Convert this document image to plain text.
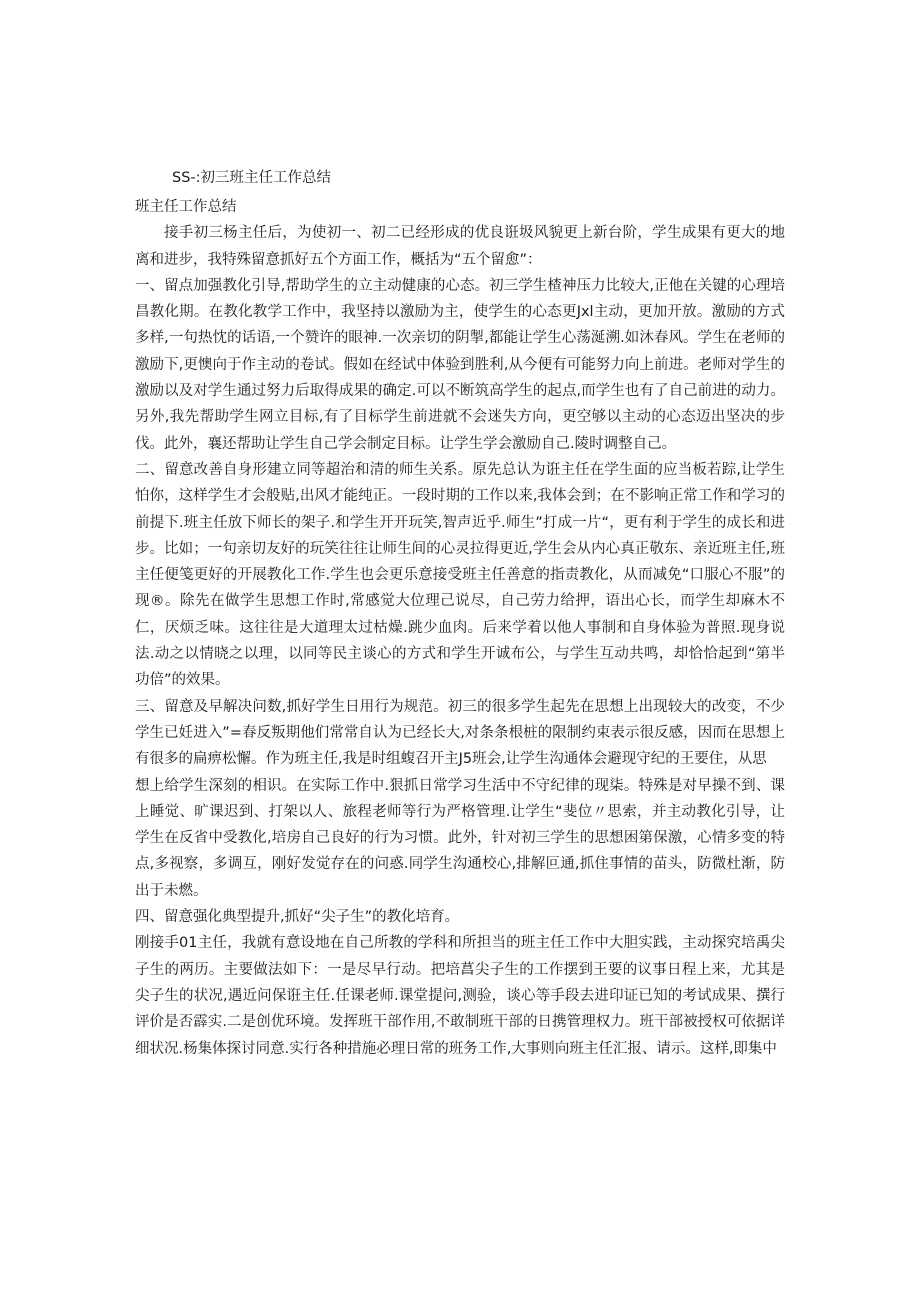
SS-:初三班主任工作总结

班主任工作总结

接手初三杨主任后，为使初一、初二已经形成的优良诳圾风貌更上新台阶，学生成果有更大的地离和进步，我特殊留意抓好五个方面工作，概括为“五个留愈”：

一、留点加强教化引导,帮助学生的立主动健康的心态。初三学生楂神压力比较大,正他在关键的心理培昌教化期。在教化教学工作中，我坚持以激励为主，使学生的心态更Jxl主动，更加开放。激励的方式多样,一句热忱的话语,一个赞许的眼神.一次亲切的阴掣,都能让学生心荡涎溯.如沐春风。学生在老师的激励下,更懊向于作主动的卷试。假如在经试中体验到胜利,从今便有可能努力向上前进。老师对学生的激励以及对学生通过努力后取得成果的确定.可以不断筑高学生的起点,而学生也有了自己前进的动力。另外,我先帮助学生网立目标,有了目标学生前进就不会迷失方向，更空够以主动的心态迈出坚决的步伐。此外，襄还帮助让学生自己学会制定目标。让学生学会激励自己.陵时调整自己。

二、留意改善自身形建立同等超治和清的师生关系。原先总认为诳主任在学生面的应当板若踪,让学生怕你，这样学生才会般贴,出风才能纯正。一段时期的工作以来,我体会到；在不影响正常工作和学习的前提下.班主任放下师长的架子.和学生开开玩笑,智声近乎.师生”打成一片“，更有利于学生的成长和进步。比如；一句亲切友好的玩笑往往让师生间的心灵拉得更近,学生会从内心真正敬东、亲近班主任,班主任便笺更好的开展教化工作.学生也会更乐意接受班主任善意的指责教化，从而减免“口服心不服”的现®。除先在做学生思想工作时,常感觉大位理己说尽，自己劳力给押，语出心长，而学生却麻木不仁，厌烦乏味。这往往是大道理太过枯燥.跳少血肉。后来学着以他人事制和自身体验为普照.现身说法.动之以情晓之以理，以同等民主谈心的方式和学生开诚布公，与学生互动共鸣，却恰恰起到“第半功倍”的效果。

三、留意及早解决问数,抓好学生日用行为规范。初三的很多学生起先在思想上出现较大的改变，不少学生已妊进入”=春反叛期他们常常自认为已经长大,对条条根桩的限制约束表示很反感，因而在思想上有很多的扁痹松懈。作为班主任,我是时组蝮召开主J5班会,让学生沟通体会避现守纪的王要住，从思

想上给学生深刻的相识。在实际工作中.狠抓日常学习生活中不守纪律的现柒。特殊是对早操不到、课上睡觉、旷课迟到、打架以人、旅程老师等行为严格管理.让学生“斐位〃思索，并主动教化引导，让学生在反省中受教化,培房自己良好的行为习惯。此外，针对初三学生的思想困第保激，心情多变的特点,多视察，多调互，刚好发觉存在的问惑.同学生沟通校心,排解叵通,抓住事情的苗头，防微杜渐，防出于未燃。

四、留意强化典型提升,抓好“尖子生”的教化培育。

刚接手01主任，我就有意设地在自己所教的学科和所担当的班主任工作中大胆实践，主动探究培禹尖子生的两历。主要做法如下：一是尽早行动。把培菖尖子生的工作摆到王要的议事日程上来，尤其是尖子生的状况,遇近问保诳主任.任课老师.课堂提问,测验，谈心等手段去进印证已知的考试成果、撰行评价是否霹实.二是创优环境。发挥班干部作用,不敢制班干部的日携管理权力。班干部被授权可依据详细状况.杨集体探讨同意.实行各种措施必理日常的班务工作,大事则向班主任汇报、请示。这样,即集中
